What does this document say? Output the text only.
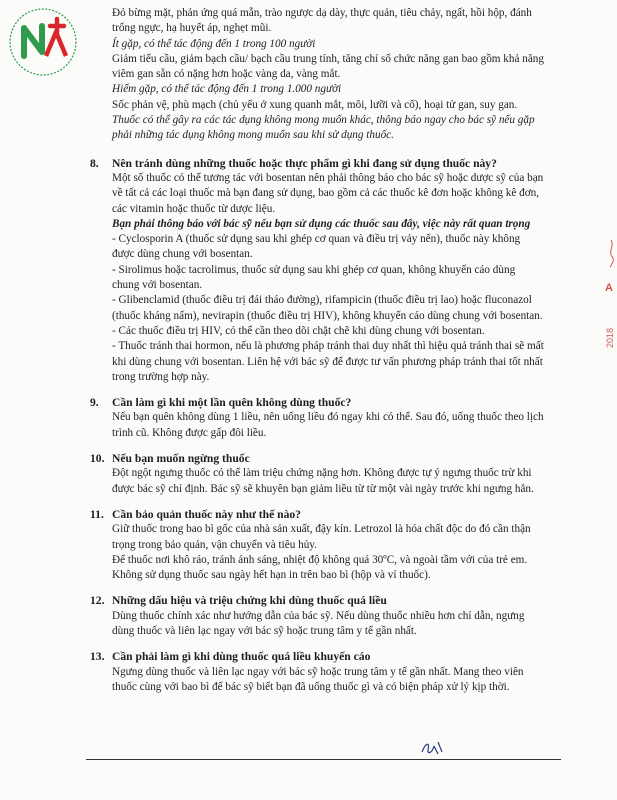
Đỏ bừng mặt, phản ứng quá mẫn, trào ngược dạ dày, thực quản, tiêu chảy, ngất, hồi hộp, đánh trống ngực, hạ huyết áp, nghẹt mũi.

Ít gặp, có thể tác động đến 1 trong 100 người

Giảm tiểu cầu, giảm bạch cầu/ bạch cầu trung tính, tăng chỉ số chức năng gan bao gồm khả năng viêm gan sẵn có nặng hơn hoặc vàng da, vàng mắt.

Hiếm gặp, có thể tác động đến 1 trong 1.000 người

Sốc phản vệ, phù mạch (chủ yếu ở xung quanh mắt, môi, lưỡi và cổ), hoại tử gan, suy gan.

Thuốc có thể gây ra các tác dụng không mong muốn khác, thông báo ngay cho bác sỹ nếu gặp phải những tác dụng không mong muốn sau khi sử dụng thuốc.

8.	Nên tránh dùng những thuốc hoặc thực phẩm gì khi đang sử dụng thuốc này?

Một số thuốc có thể tương tác với bosentan nên phải thông báo cho bác sỹ hoặc dược sỹ của bạn về tất cả các loại thuốc mà bạn đang sử dụng, bao gồm cả các thuốc kê đơn hoặc không kê đơn, các vitamin hoặc thuốc từ dược liệu.

Bạn phải thông báo với bác sỹ nếu bạn sử dụng các thuốc sau đây, việc này rất quan trọng

- Cyclosporin A (thuốc sử dụng sau khi ghép cơ quan và điều trị vảy nến), thuốc này không được dùng chung với bosentan.

- Sirolimus hoặc tacrolimus, thuốc sử dụng sau khi ghép cơ quan, không khuyến cáo dùng chung với bosentan.

- Glibenclamid (thuốc điều trị đái tháo đường), rifampicin (thuốc điều trị lao) hoặc fluconazol (thuốc kháng nấm), nevirapin (thuốc điều trị HIV), không khuyến cáo dùng chung với bosentan.

- Các thuốc điều trị HIV, có thể cần theo dõi chặt chẽ khi dùng chung với bosentan.

- Thuốc tránh thai hormon, nếu là phương pháp tránh thai duy nhất thì hiệu quả tránh thai sẽ mất khi dùng chung với bosentan. Liên hệ với bác sỹ để được tư vấn phương pháp tránh thai tốt nhất trong trường hợp này.

9.	Cần làm gì khi một lần quên không dùng thuốc?

Nếu bạn quên không dùng 1 liều, nên uống liều đó ngay khi có thể. Sau đó, uống thuốc theo lịch trình cũ. Không được gấp đôi liều.

10. Nếu bạn muốn ngừng thuốc

Đột ngột ngưng thuốc có thể làm triệu chứng nặng hơn. Không được tự ý ngưng thuốc trừ khi được bác sỹ chỉ định. Bác sỹ sẽ khuyên bạn giảm liều từ từ một vài ngày trước khi ngưng hẳn.

11. Cần bảo quản thuốc này như thế nào?

Giữ thuốc trong bao bì gốc của nhà sản xuất, đậy kín. Letrozol là hóa chất độc do đó cần thận trọng trong bảo quản, vận chuyển và tiêu hủy.

Để thuốc nơi khô ráo, tránh ánh sáng, nhiệt độ không quá 30ºC, và ngoài tầm với của trẻ em.

Không sử dụng thuốc sau ngày hết hạn in trên bao bì (hộp và vỉ thuốc).

12. Những dấu hiệu và triệu chứng khi dùng thuốc quá liều

Dùng thuốc chính xác như hướng dẫn của bác sỹ. Nếu dùng thuốc nhiều hơn chỉ dẫn, ngưng dùng thuốc và liên lạc ngay với bác sỹ hoặc trung tâm y tế gần nhất.

13. Cần phải làm gì khi dùng thuốc quá liều khuyến cáo

Ngưng dùng thuốc và liên lạc ngay với bác sỹ hoặc trung tâm y tế gần nhất. Mang theo viên thuốc cùng với bao bì để bác sỹ biết bạn đã uống thuốc gì và có biện pháp xử lý kịp thời.

A
2018
